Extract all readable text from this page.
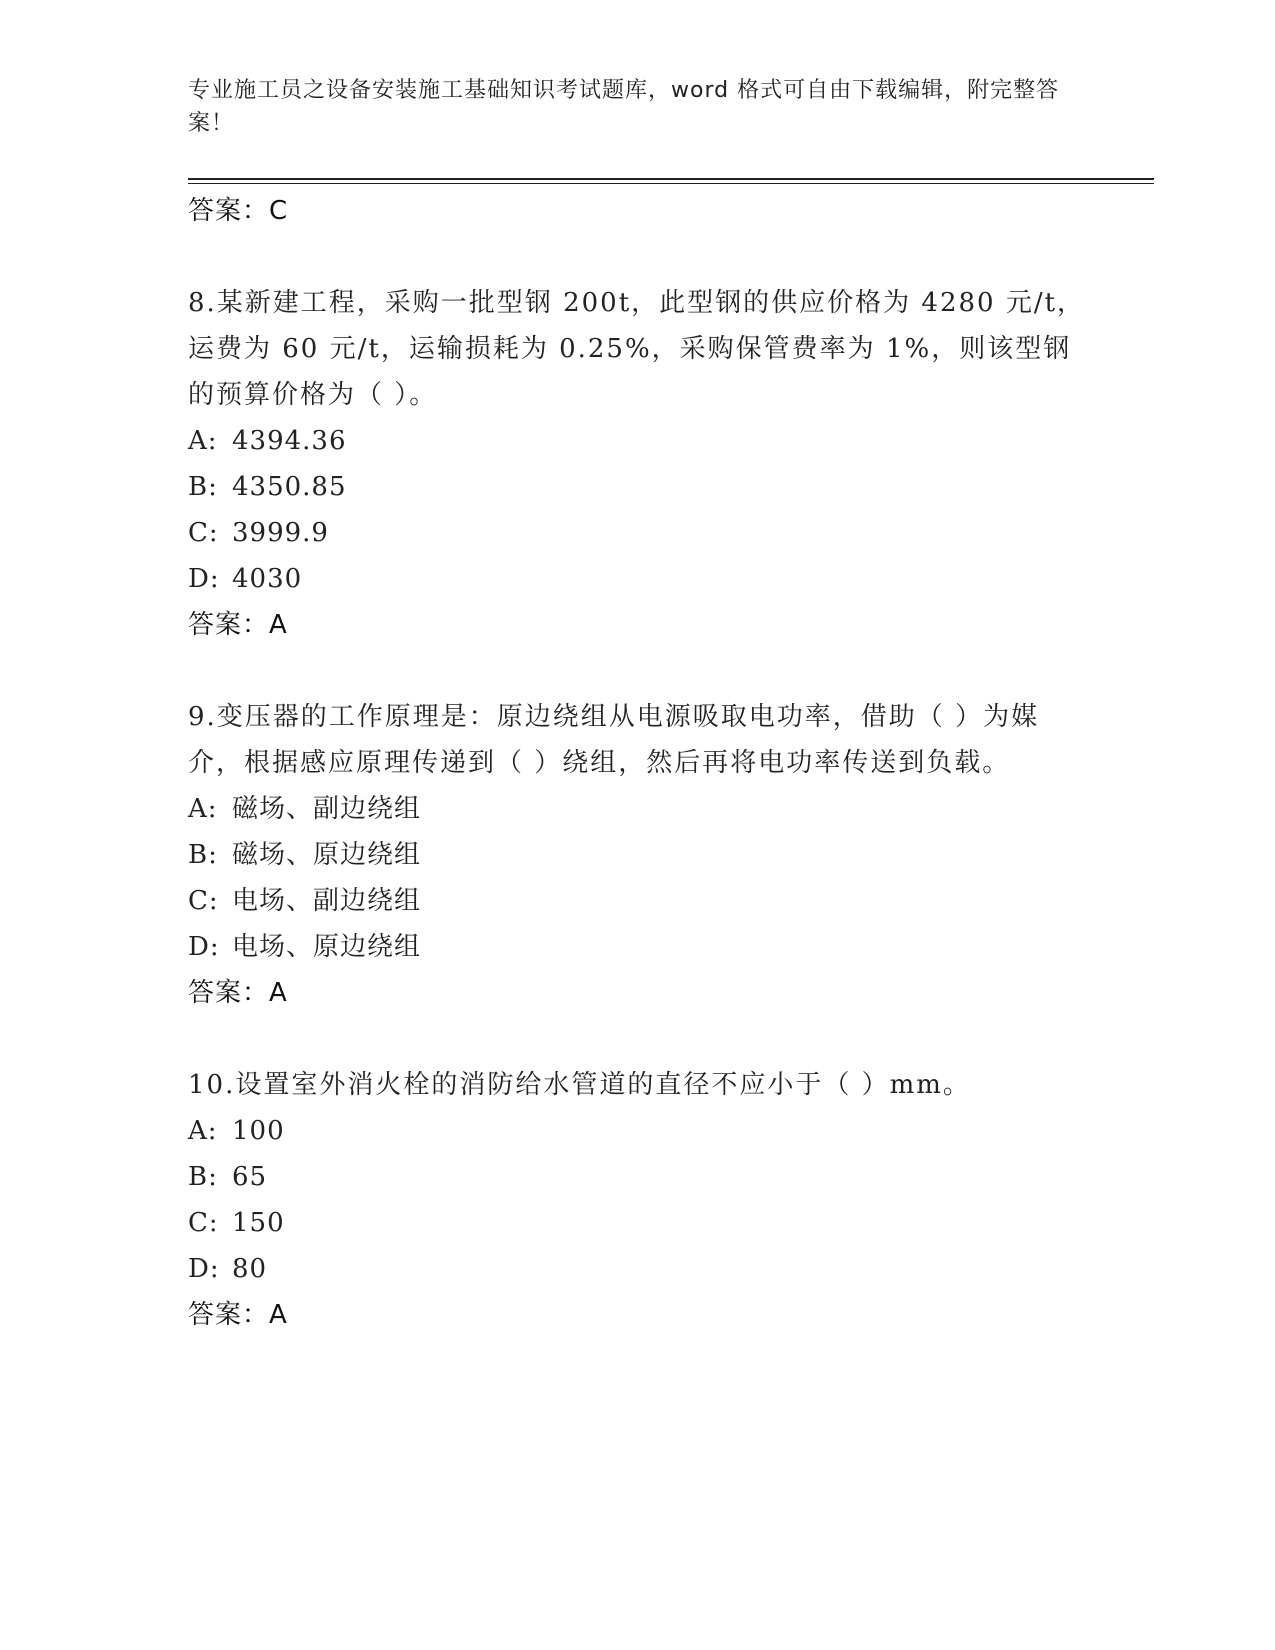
专业施工员之设备安装施工基础知识考试题库，word 格式可自由下载编辑，附完整答案！
答案：C
8.某新建工程，采购一批型钢 200t，此型钢的供应价格为 4280 元/t，运费为 60 元/t，运输损耗为 0.25%，采购保管费率为 1%，则该型钢的预算价格为（ ）。
A: 4394.36
B: 4350.85
C: 3999.9
D: 4030
答案：A
9.变压器的工作原理是：原边绕组从电源吸取电功率，借助（ ）为媒介，根据感应原理传递到（ ）绕组，然后再将电功率传送到负载。
A: 磁场、副边绕组
B: 磁场、原边绕组
C: 电场、副边绕组
D: 电场、原边绕组
答案：A
10.设置室外消火栓的消防给水管道的直径不应小于（ ）mm。
A: 100
B: 65
C: 150
D: 80
答案：A
